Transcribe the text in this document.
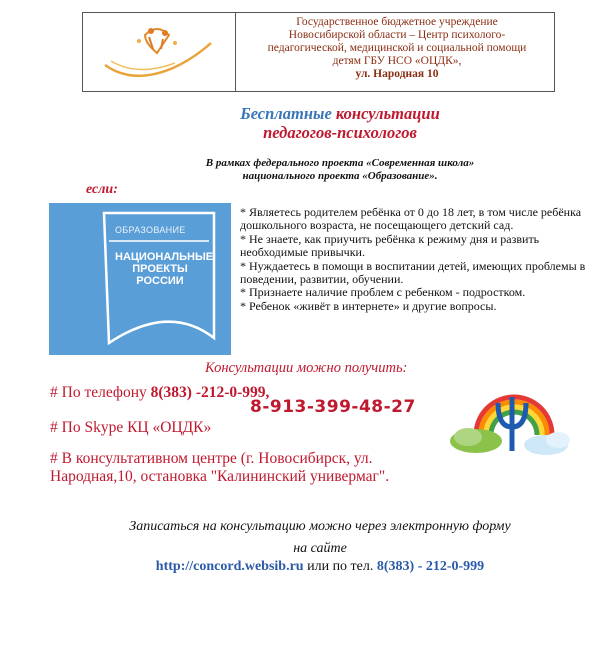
Государственное бюджетное учреждение
Новосибирской области – Центр психолого-
педагогической, медицинской и социальной помощи
детям ГБУ НСО «ОЦДК»,
ул. Народная 10
Бесплатные консультации
педагогов-психологов
В рамках федерального проекта «Современная школа»
национального проекта «Образование».
если:
ОБРАЗОВАНИЕ
НАЦИОНАЛЬНЫЕ
ПРОЕКТЫ
РОССИИ
* Являетесь родителем ребёнка от 0 до 18 лет, в том числе ребёнка дошкольного возраста, не посещающего детский сад.
* Не знаете, как приучить ребёнка к режиму дня и развить необходимые привычки.
* Нуждаетесь в помощи в воспитании детей, имеющих проблемы в поведении, развитии, обучении.
* Признаете наличие проблем с ребенком - подростком.
* Ребенок «живёт в интернете» и другие вопросы.
Консультации можно получить:
# По телефону 8(383) -212-0-999,
8-913-399-48-27
# По Skype КЦ «ОЦДК»
# В консультативном центре (г. Новосибирск, ул. Народная,10, остановка "Калининский универмаг".
Записаться на консультацию можно через электронную форму
на сайте
http://concord.websib.ru или по тел. 8(383) - 212-0-999
